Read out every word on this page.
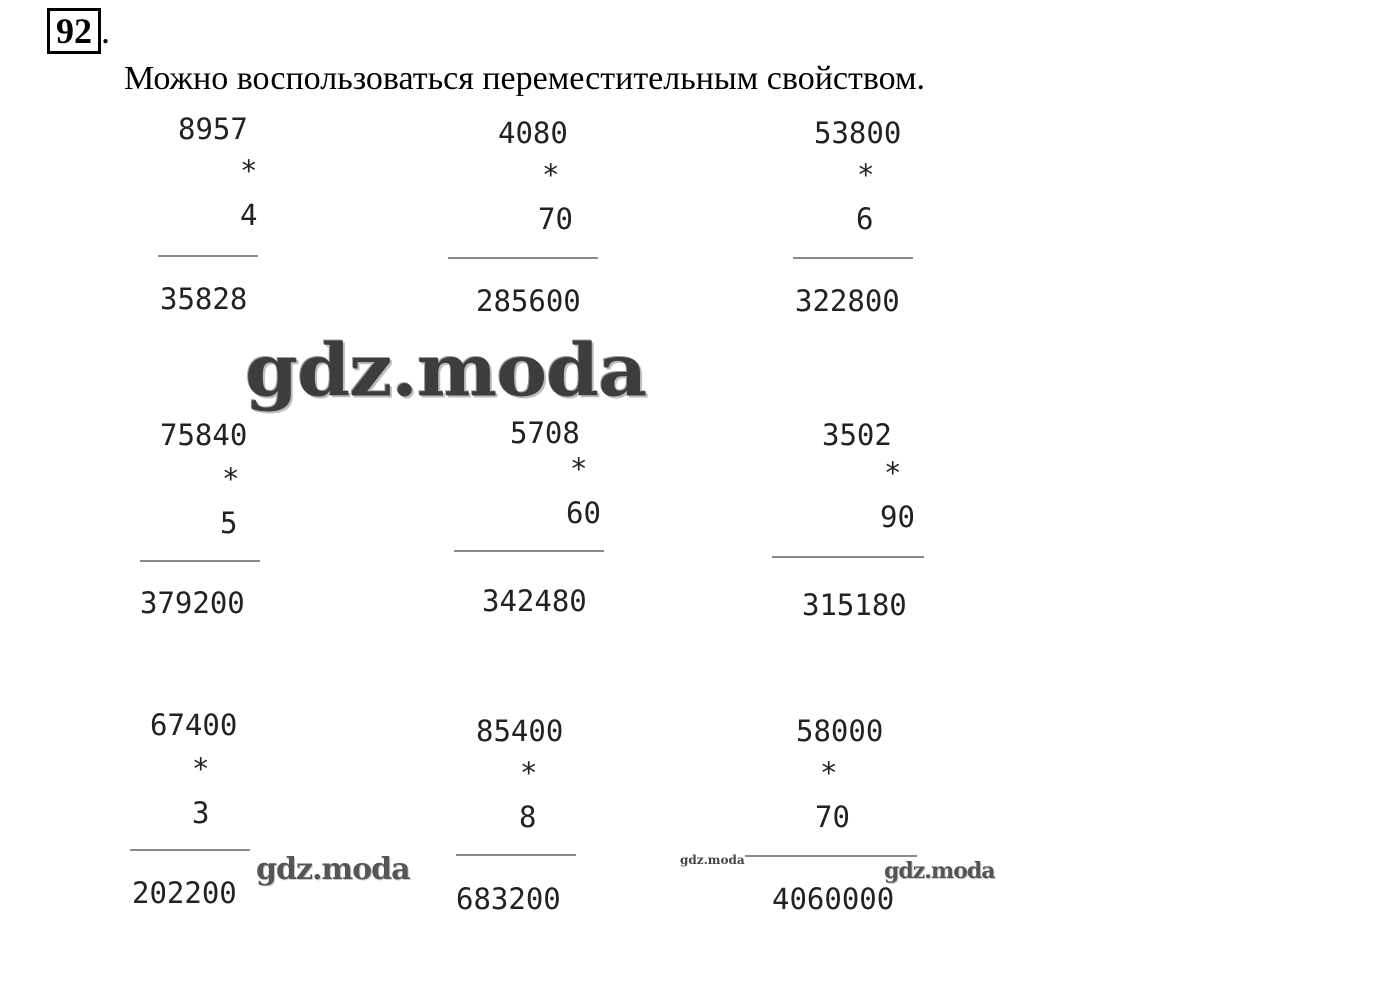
92 .
Можно воспользоваться переместительным свойством.
8957
*
4
35828
4080
*
70
285600
53800
*
6
322800
75840
*
5
379200
5708
*
60
342480
3502
*
90
315180
67400
*
3
202200
85400
*
8
683200
58000
*
70
4060000
gdz.moda
gdz.moda	gdz.moda
gdz.moda
